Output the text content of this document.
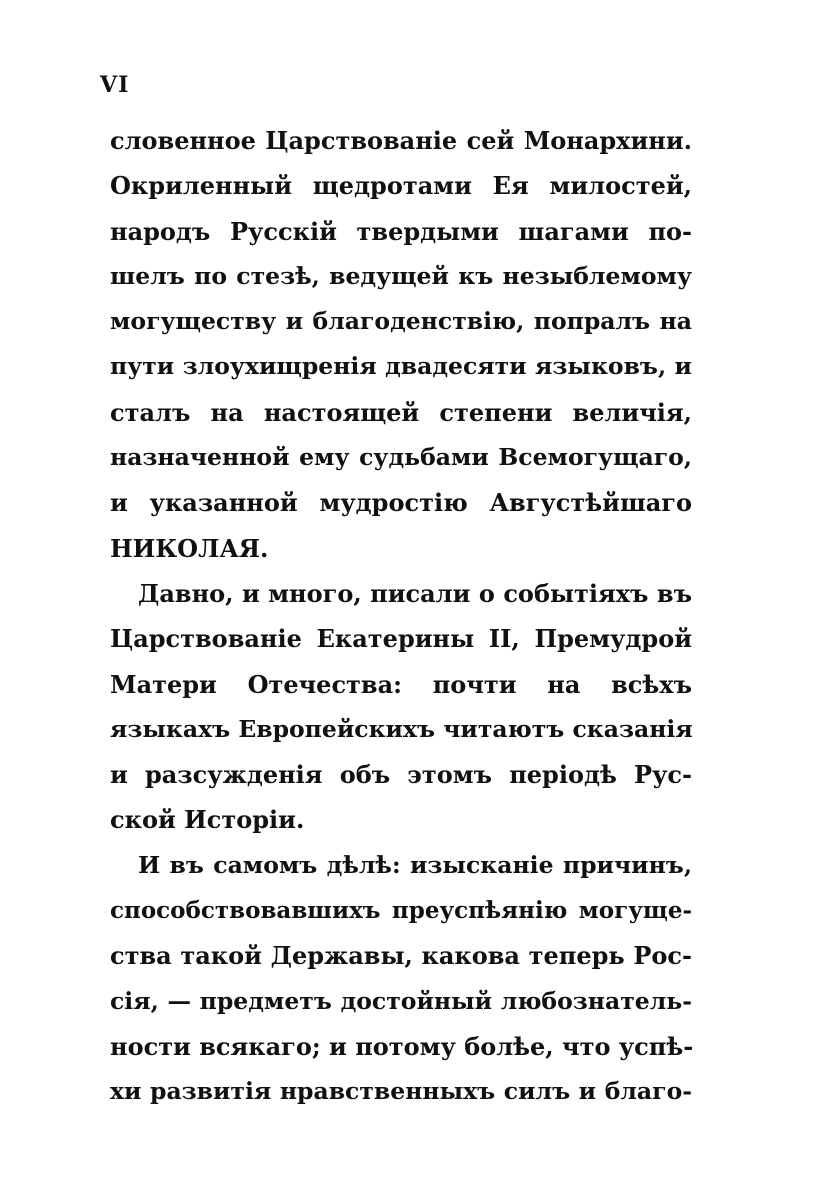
VI
словенное Царствованіе сей Монархини.
Окриленный щедротами Ея милостей,
народъ Русскій твердыми шагами по-
шелъ по стезѣ, ведущей къ незыблемому
могуществу и благоденствію, попралъ на
пути злоухищренія двадесяти языковъ, и
сталъ на настоящей степени величія,
назначенной ему судьбами Всемогущаго,
и указанной мудростію Августѣйшаго
НИКОЛАЯ.
Давно, и много, писали о событіяхъ въ
Царствованіе Екатерины II, Премудрой
Матери Отечества: почти на всѣхъ
языкахъ Европейскихъ читаютъ сказанія
и разсужденія объ этомъ періодѣ Рус-
ской Исторіи.
И въ самомъ дѣлѣ: изысканіе причинъ,
способствовавшихъ преуспѣянію могуще-
ства такой Державы, какова теперь Рос-
сія, — предметъ достойный любознатель-
ности всякаго; и потому болѣе, что успѣ-
хи развитія нравственныхъ силъ и благо-
